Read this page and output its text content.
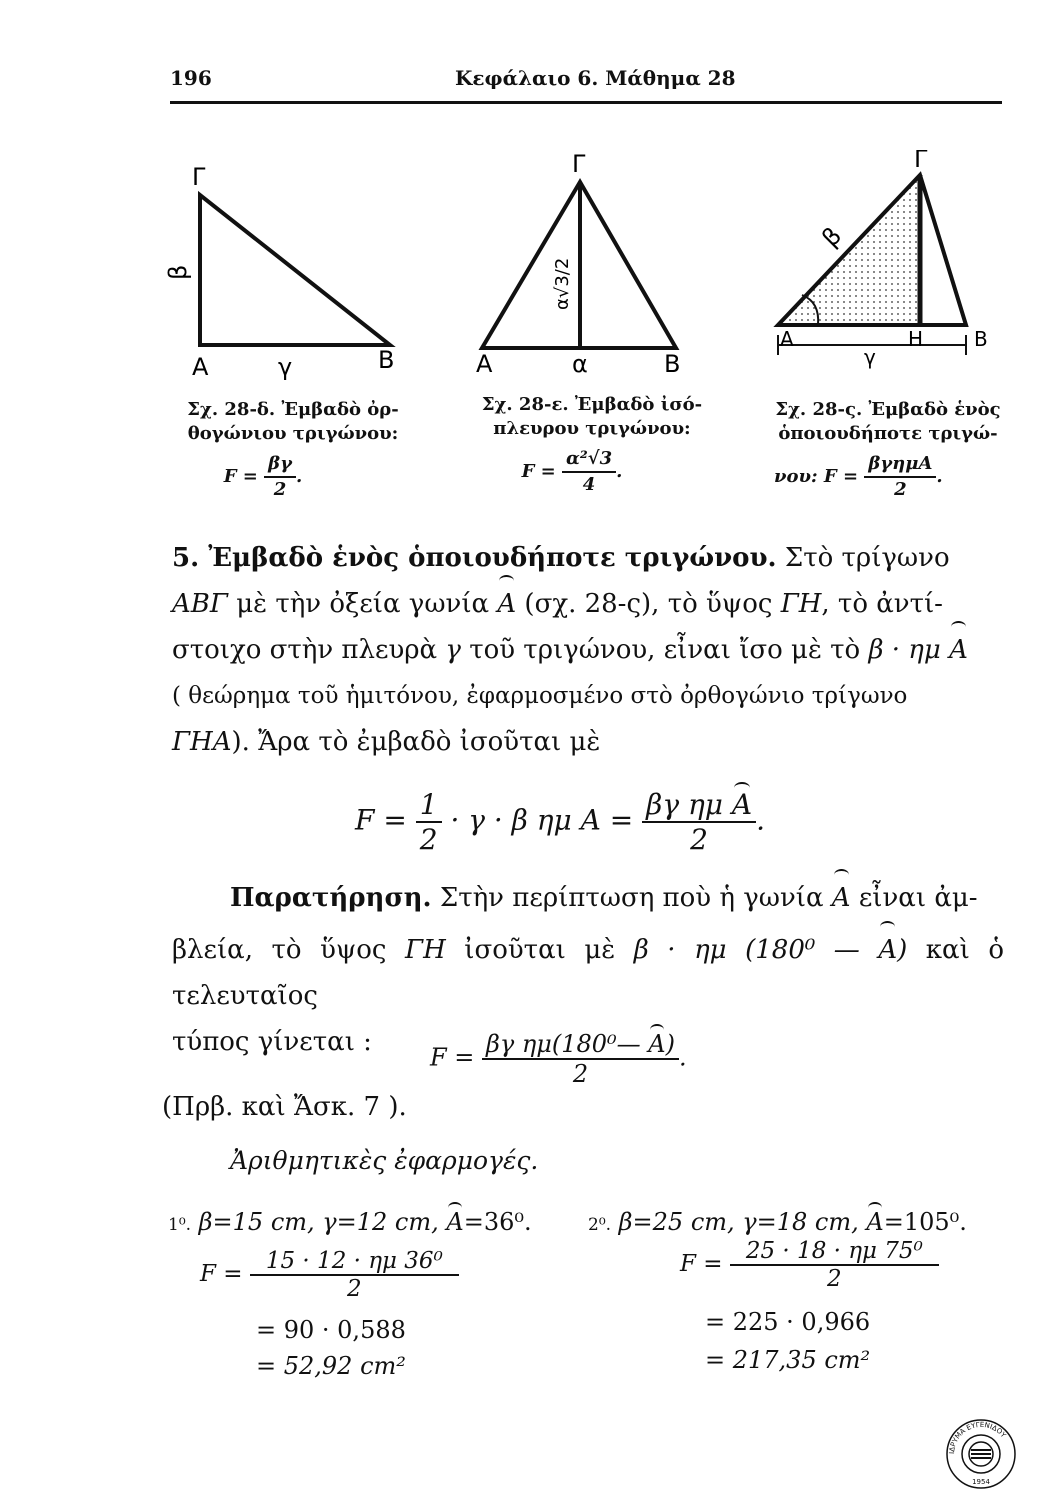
196	Κεφάλαιο 6. Μάθημα 28
Γ
Α	Β
β
γ
Γ
Α	Β
α
α√3/2
Γ
Α	Η	Β
β
γ
Σχ. 28-δ. Ἐμβαδὸ ὀρ-
θογώνιου τριγώνου:
$F = \frac{\beta\gamma}{2}$ .
Σχ. 28-ε. Ἐμβαδὸ ἰσό-
πλευρου τριγώνου:
$F = \frac{\text{α²√3}}{4}$ .
Σχ. 28-ς. Ἐμβαδὸ ἑνὸς
ὁποιουδήποτε τριγώ-
νου: $F = \frac{\text{βγημΑ}}{2}$ .
5. Ἐμβαδὸ ἑνὸς ὁποιουδήποτε τριγώνου. Στὸ τρίγωνο
ΑΒΓ μὲ τὴν ὀξεία γωνία Α (σχ. 28-ς), τὸ ὕψος ΓΗ, τὸ ἀντί-
στοιχο στὴν πλευρὰ γ τοῦ τριγώνου, εἶναι ἴσο μὲ τὸ β · ημ Α
( θεώρημα τοῦ ἡμιτόνου, ἐφαρμοσμένο στὸ ὀρθογώνιο τρίγωνο
ΓΗΑ). Ἄρα τὸ ἐμβαδὸ ἰσοῦται μὲ
$F = \frac{1}{2} \cdot \gamma \cdot \beta$ ημ $A = \frac{\text{βγ ημ Α}}{2}$ .
Παρατήρηση. Στὴν περίπτωση ποὺ ἡ γωνία Α εἶναι ἀμ-
βλεία, τὸ ὕψος ΓΗ ἰσοῦται μὲ β · ημ (180⁰ — Α) καὶ ὁ τελευταῖος
τύπος γίνεται :
$F = \frac{\text{βγ ημ(180⁰— Α)}}{2}$ .
(Πρβ. καὶ Ἄσκ. 7 ).
Ἀριθμητικὲς ἐφαρμογές.
1⁰. β=15 cm, γ=12 cm, Α=36⁰.
$F = \frac{\text{15 · 12 · ημ 36⁰}}{2}$
= 90 · 0,588
= 52,92 cm²
2⁰. β=25 cm, γ=18 cm, Α=105⁰.
$F = \frac{\text{25 · 18 · ημ 75⁰}}{2}$
= 225 · 0,966
= 217,35 cm²
ΙΔΡΥΜΑ ΕΥΓΕΝΙΔΟΥ
1954
